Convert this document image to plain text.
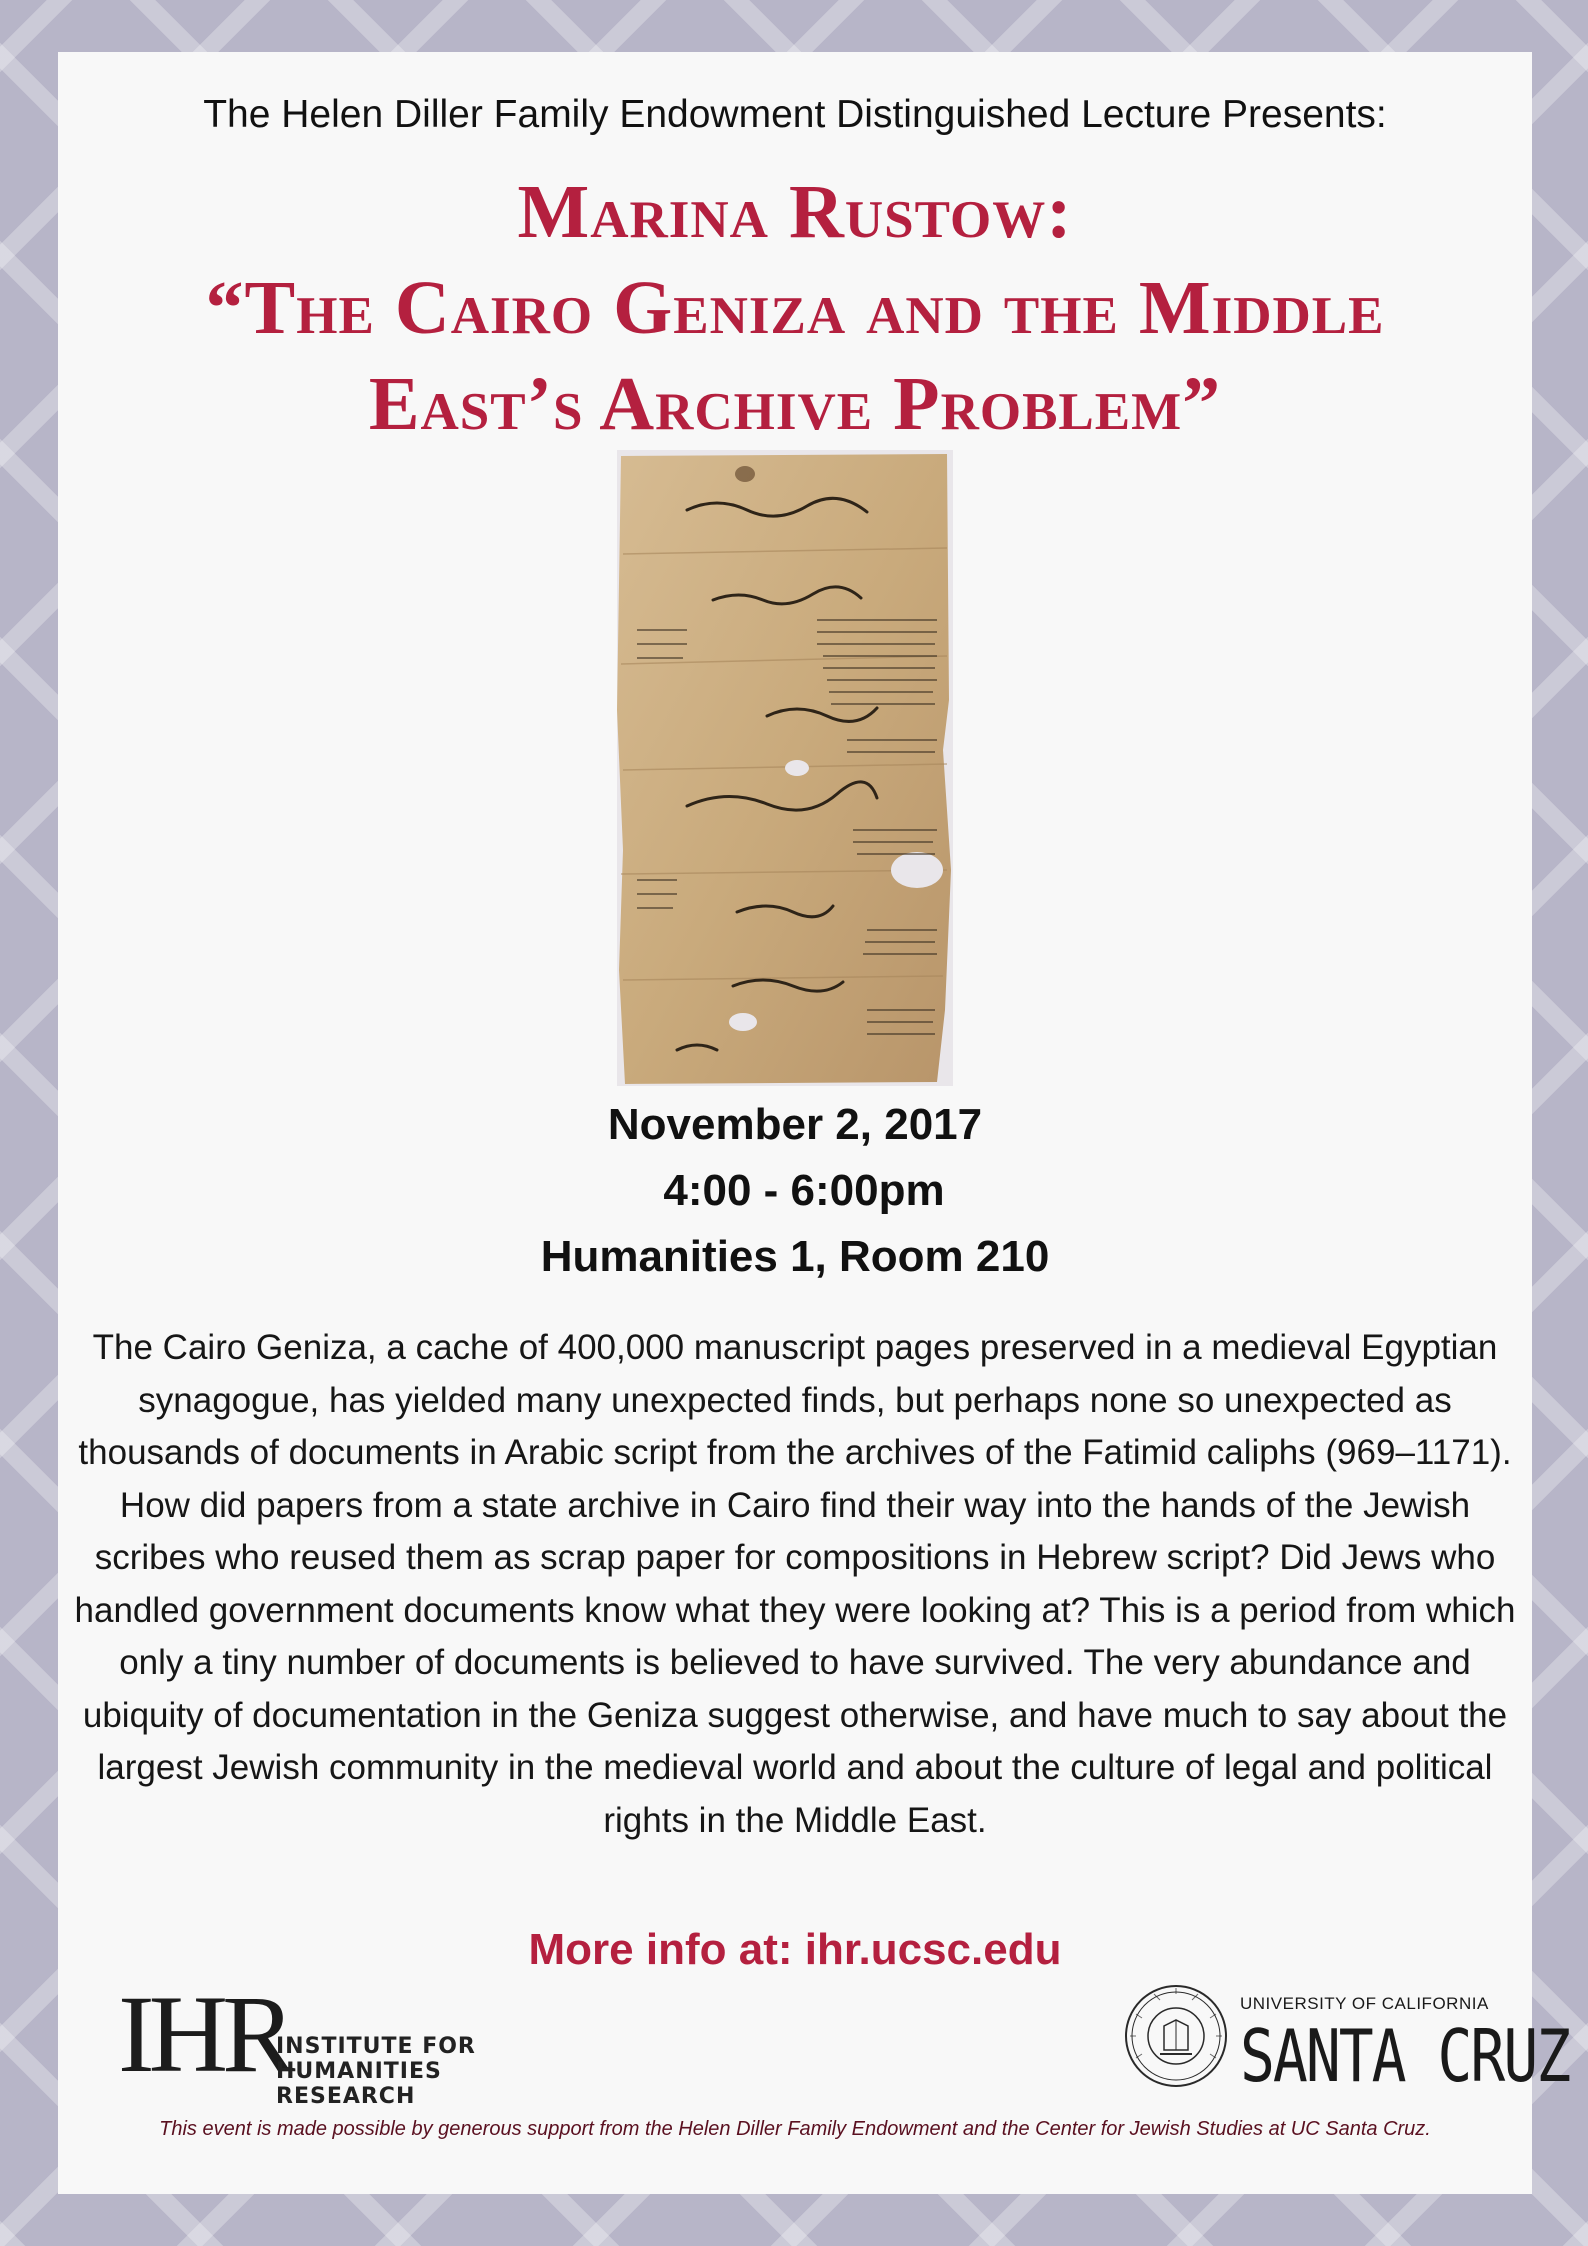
The Helen Diller Family Endowment Distinguished Lecture Presents:
Marina Rustow:
“The Cairo Geniza and the Middle
East’s Archive Problem”
November 2, 2017
4:00 - 6:00pm
Humanities 1, Room 210

The Cairo Geniza, a cache of 400,000 manuscript pages preserved in a medieval Egyptian synagogue, has yielded many unexpected finds, but perhaps none so unexpected as thousands of documents in Arabic script from the archives of the Fatimid caliphs (969–1171). How did papers from a state archive in Cairo find their way into the hands of the Jewish scribes who reused them as scrap paper for compositions in Hebrew script? Did Jews who handled government documents know what they were looking at? This is a period from which only a tiny number of documents is believed to have survived. The very abundance and ubiquity of documentation in the Geniza suggest otherwise, and have much to say about the largest Jewish community in the medieval world and about the culture of legal and political rights in the Middle East.

More info at: ihr.ucsc.edu
IHR
INSTITUTE FOR
HUMANITIES RESEARCH
UNIVERSITY OF CALIFORNIA
SANTA CRUZ

This event is made possible by generous support from the Helen Diller Family Endowment and the Center for Jewish Studies at UC Santa Cruz.
